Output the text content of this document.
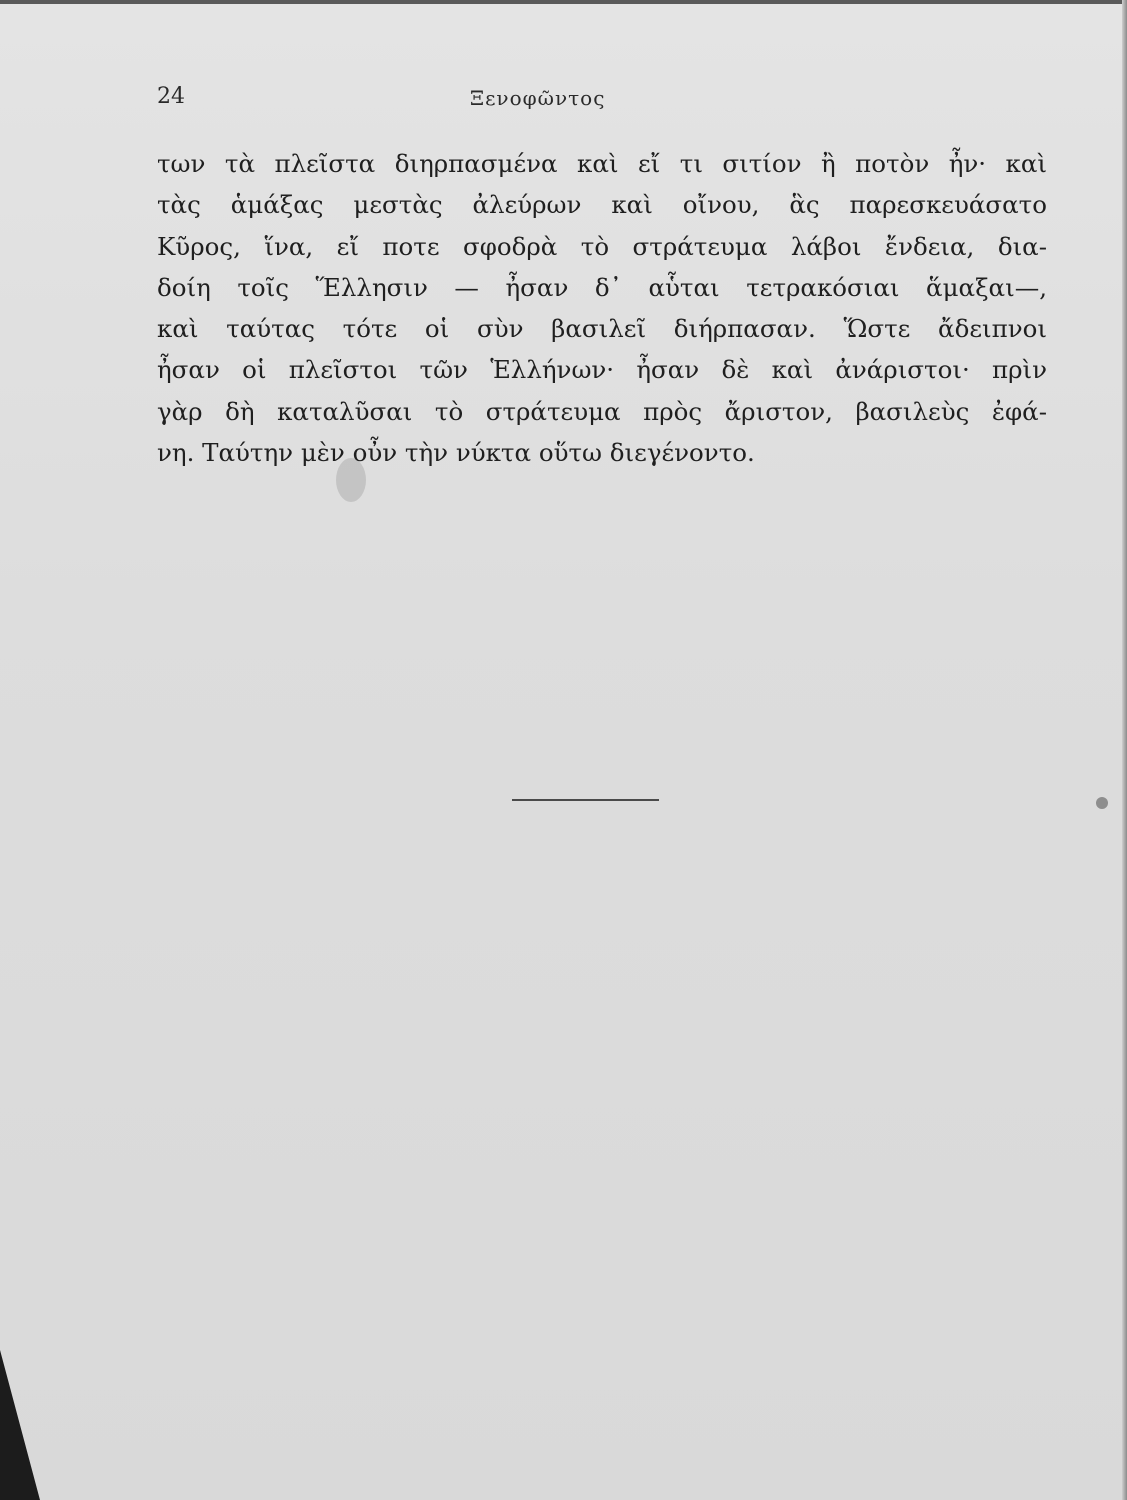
24	Ξενοφῶντος
των τὰ πλεῖστα διηρπασμένα καὶ εἴ τι σιτίον ἢ ποτὸν ἦν· καὶ
τὰς ἁμάξας μεστὰς ἀλεύρων καὶ οἴνου, ἃς παρεσκευάσατο
Κῦρος, ἵνα, εἴ ποτε σφοδρὰ τὸ στράτευμα λάβοι ἔνδεια, δια-
δοίη τοῖς Ἕλλησιν — ἦσαν δ᾽ αὗται τετρακόσιαι ἅμαξαι—,
καὶ ταύτας τότε οἱ σὺν βασιλεῖ διήρπασαν. Ὥστε ἄδειπνοι
ἦσαν οἱ πλεῖστοι τῶν Ἑλλήνων· ἦσαν δὲ καὶ ἀνάριστοι· πρὶν
γὰρ δὴ καταλῦσαι τὸ στράτευμα πρὸς ἄριστον, βασιλεὺς ἐφά-
νη. Ταύτην μὲν οὖν τὴν νύκτα οὕτω διεγένοντο.
